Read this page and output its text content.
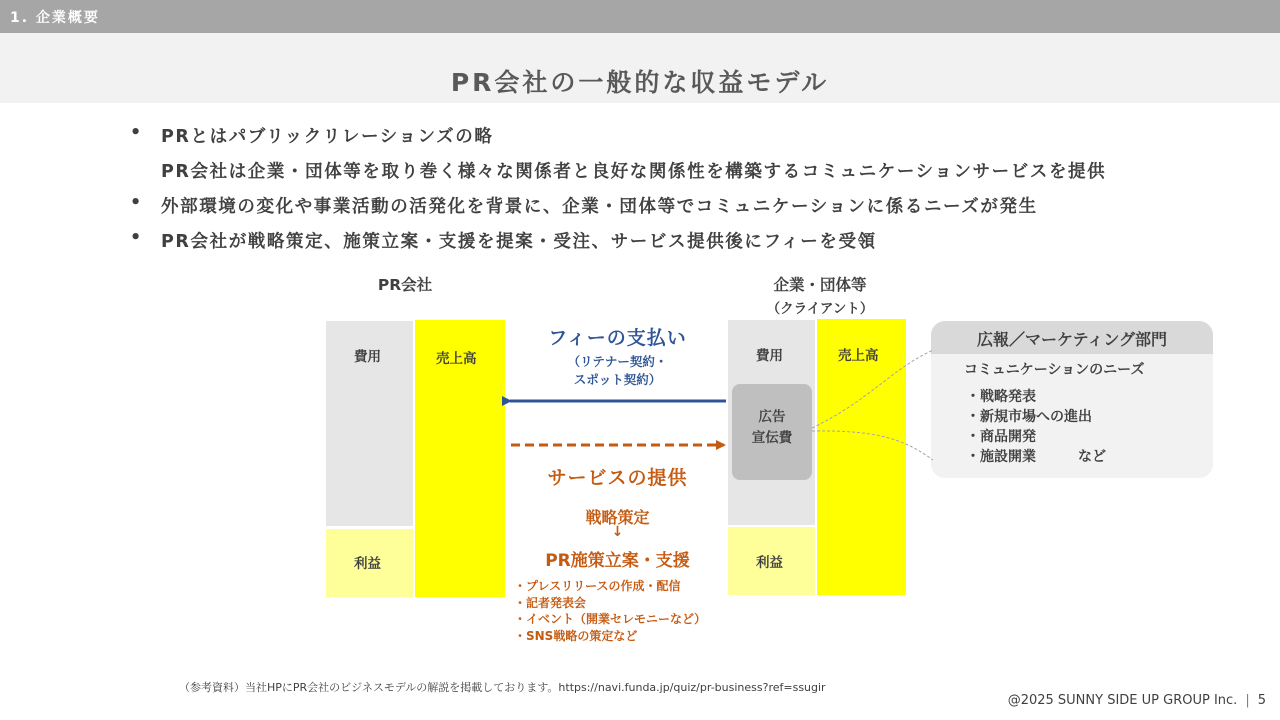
1. 企業概要
PR会社の一般的な収益モデル
• PRとはパブリックリレーションズの略
PR会社は企業・団体等を取り巻く様々な関係者と良好な関係性を構築するコミュニケーションサービスを提供
• 外部環境の変化や事業活動の活発化を背景に、企業・団体等でコミュニケーションに係るニーズが発生
• PR会社が戦略策定、施策立案・支援を提案・受注、サービス提供後にフィーを受領
PR会社	企業・団体等
（クライアント）
費用
利益
売上高	費用
利益
売上高
広告
宣伝費
フィーの支払い
（リテナー契約・
スポット契約）
サービスの提供
戦略策定
↓
PR施策立案・支援
・プレスリリースの作成・配信
・記者発表会
・イベント（開業セレモニーなど）
・SNS戦略の策定など
広報／マーケティング部門
コミュニケーションのニーズ
・戦略発表
・新規市場への進出
・商品開発
・施設開業	など
（参考資料）当社HPにPR会社のビジネスモデルの解説を掲載しております。https://navi.funda.jp/quiz/pr-business?ref=ssugir
@2025 SUNNY SIDE UP GROUP Inc. | 5
